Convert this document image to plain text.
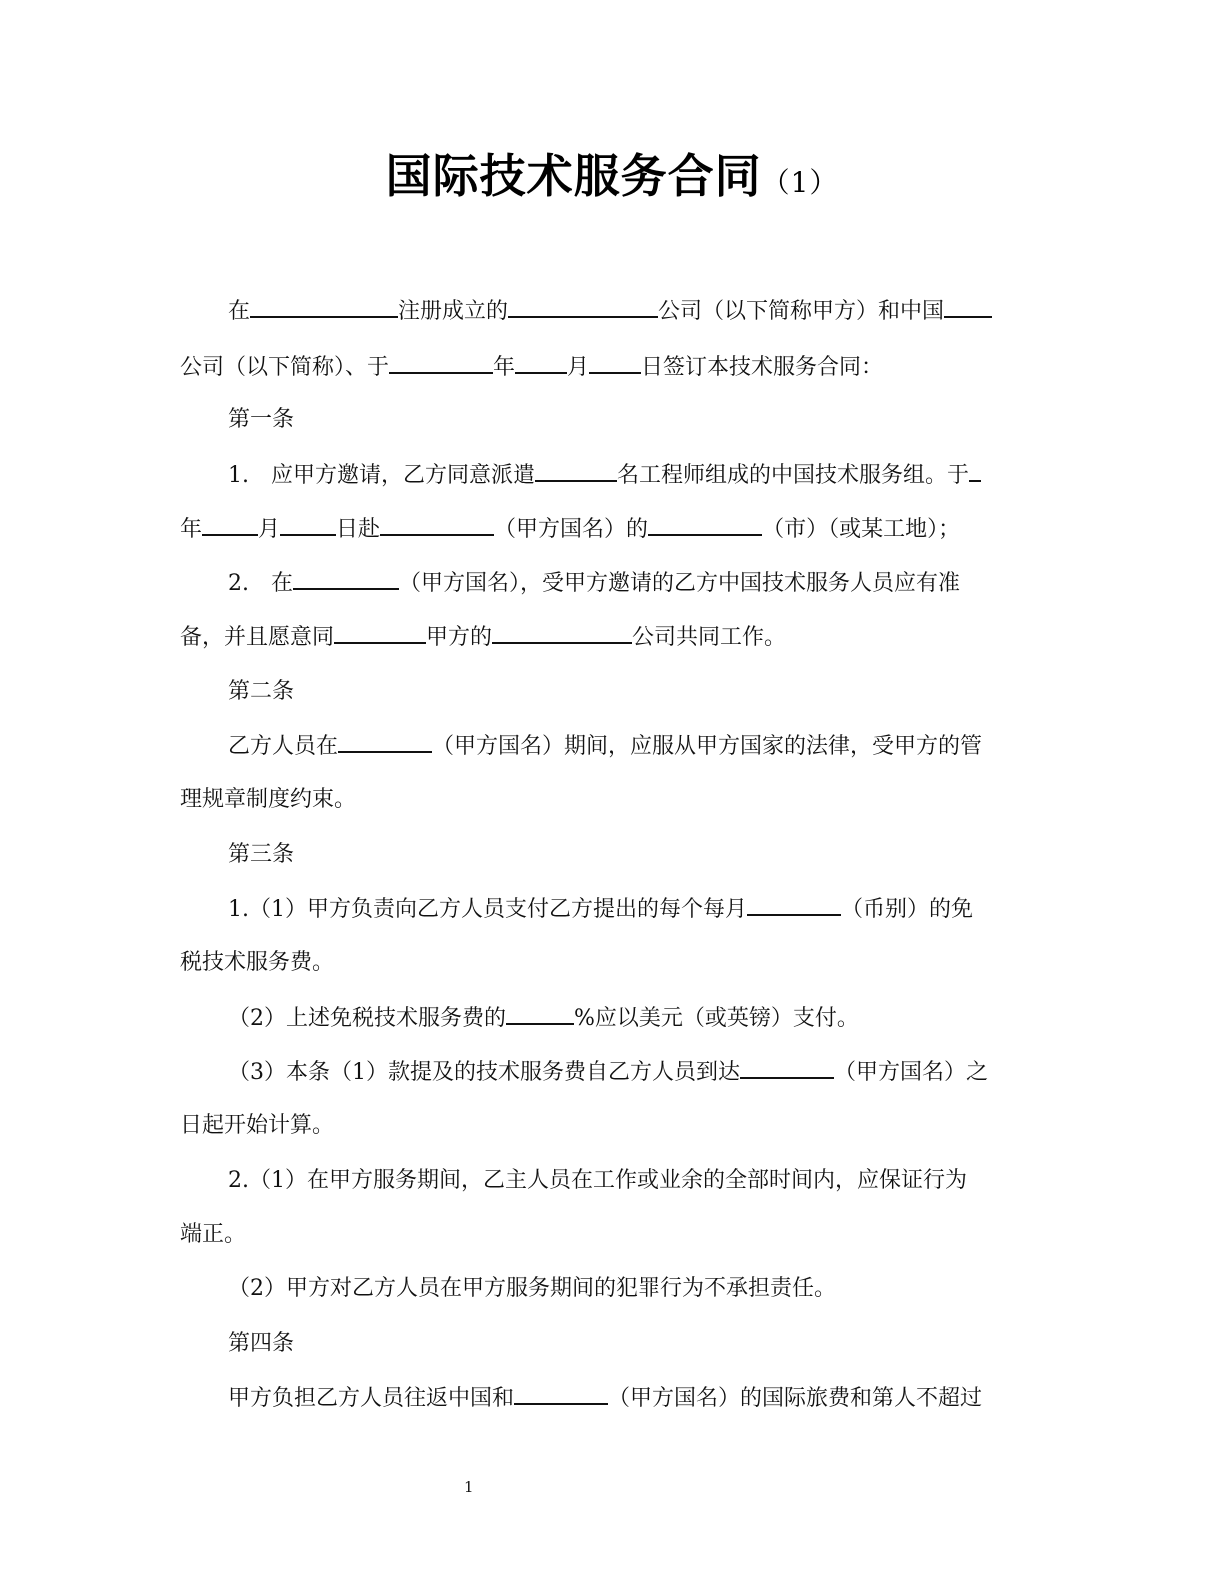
国际技术服务合同（1）
在	注册成立的	公司（以下简称甲方）和中国
公司（以下简称）、于	年 月 日签订本技术服务合同：
第一条
1.　应甲方邀请，乙方同意派遣	名工程师组成的中国技术服务组。于
年	月	日赴	（甲方国名）的	（市）（或某工地）；
2.　在	（甲方国名），受甲方邀请的乙方中国技术服务人员应有准
备，并且愿意同	甲方的	公司共同工作。
第二条
乙方人员在	（甲方国名）期间，应服从甲方国家的法律，受甲方的管
理规章制度约束。
第三条
1.（1）甲方负责向乙方人员支付乙方提出的每个每月	（币别）的免
税技术服务费。
（2）上述免税技术服务费的	%应以美元（或英镑）支付。
（3）本条（1）款提及的技术服务费自乙方人员到达	（甲方国名）之
日起开始计算。
2.（1）在甲方服务期间，乙主人员在工作或业余的全部时间内，应保证行为
端正。
（2）甲方对乙方人员在甲方服务期间的犯罪行为不承担责任。
第四条
甲方负担乙方人员往返中国和	（甲方国名）的国际旅费和第人不超过
1
